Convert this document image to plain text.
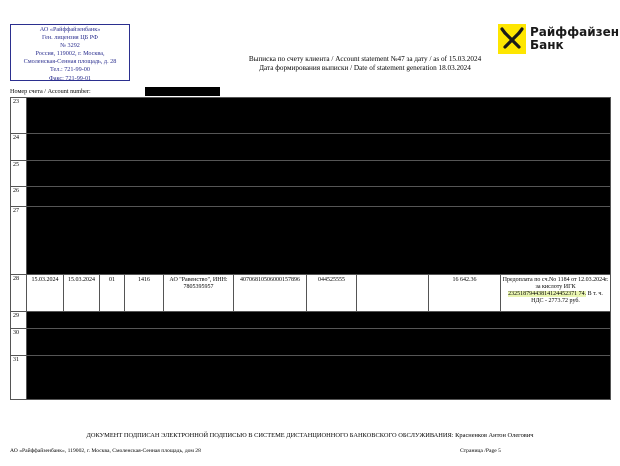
АО «Райффайзенбанк»
Ген. лицензия ЦБ РФ
№ 3292
Россия, 119002, г. Москва,
Смоленская-Сенная площадь, д. 28
Тел.: 721-99-00
Факс: 721-99-01
Райффайзен
Банк
Выписка по счету клиента / Account statement №47 за дату / as of 15.03.2024
Дата формирования выписки / Date of statement generation 18.03.2024
Номер счета / Account number:
23										
24										
25										
26										
27										
28	15.03.2024	15.03.2024	01	1416	АО "Равенство", ИНН: 7805395957	40706810506000157896	044525555		16 642.36	Предоплата по сч.No 1184 от 12.03.2024г. за кислоту ИГК 23251879443814124452371 74. В т. ч. НДС - 2773.72 руб.
29										
30										
31										
ДОКУМЕНТ ПОДПИСАН ЭЛЕКТРОННОЙ ПОДПИСЬЮ В СИСТЕМЕ ДИСТАНЦИОННОГО БАНКОВСКОГО ОБСЛУЖИВАНИЯ: Красненков Антон Олегович
АО «Райффайзенбанк», 119002, г. Москва, Смоленская-Сенная площадь, дом 28	Страница /Page 5
